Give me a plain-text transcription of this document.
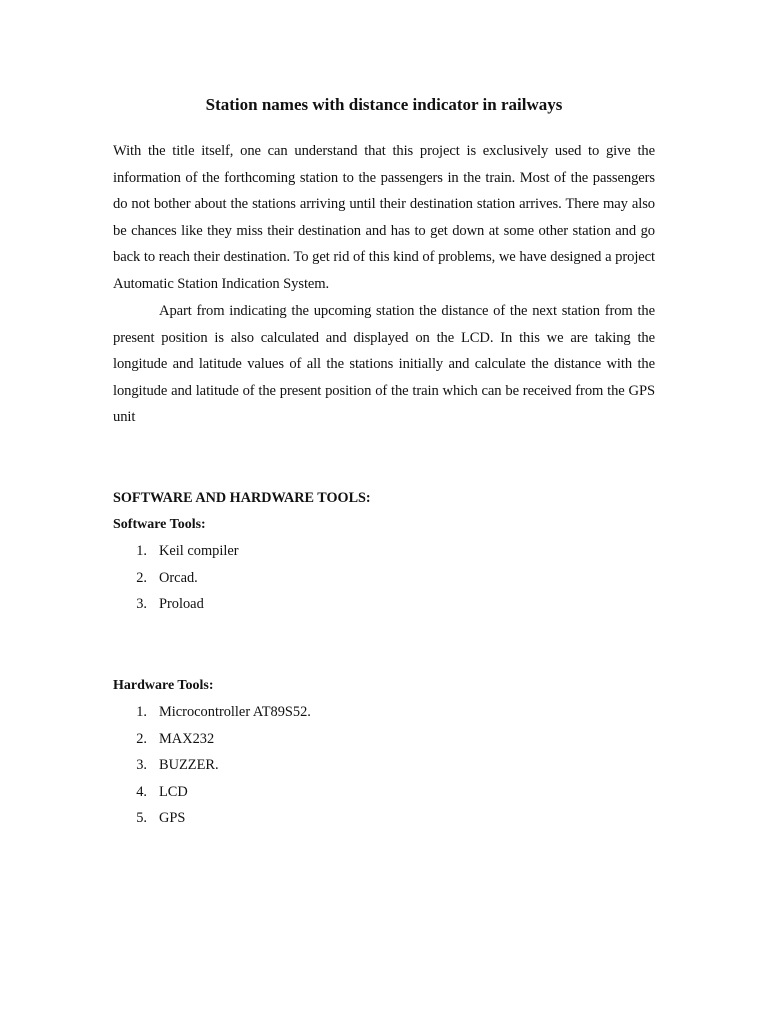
Station names with distance indicator in railways

With the title itself, one can understand that this project is exclusively used to give the information of the forthcoming station to the passengers in the train. Most of the passengers do not bother about the stations arriving until their destination station arrives. There may also be chances like they miss their destination and has to get down at some other station and go back to reach their destination. To get rid of this kind of problems, we have designed a project Automatic Station Indication System.

Apart from indicating the upcoming station the distance of the next station from the present position is also calculated and displayed on the LCD. In this we are taking the longitude and latitude values of all the stations initially and calculate the distance with the longitude and latitude of the present position of the train which can be received from the GPS unit

SOFTWARE AND HARDWARE TOOLS:
Software Tools:
1. Keil compiler
2. Orcad.
3. Proload
Hardware Tools:
1. Microcontroller AT89S52.
2. MAX232
3. BUZZER.
4. LCD
5. GPS
